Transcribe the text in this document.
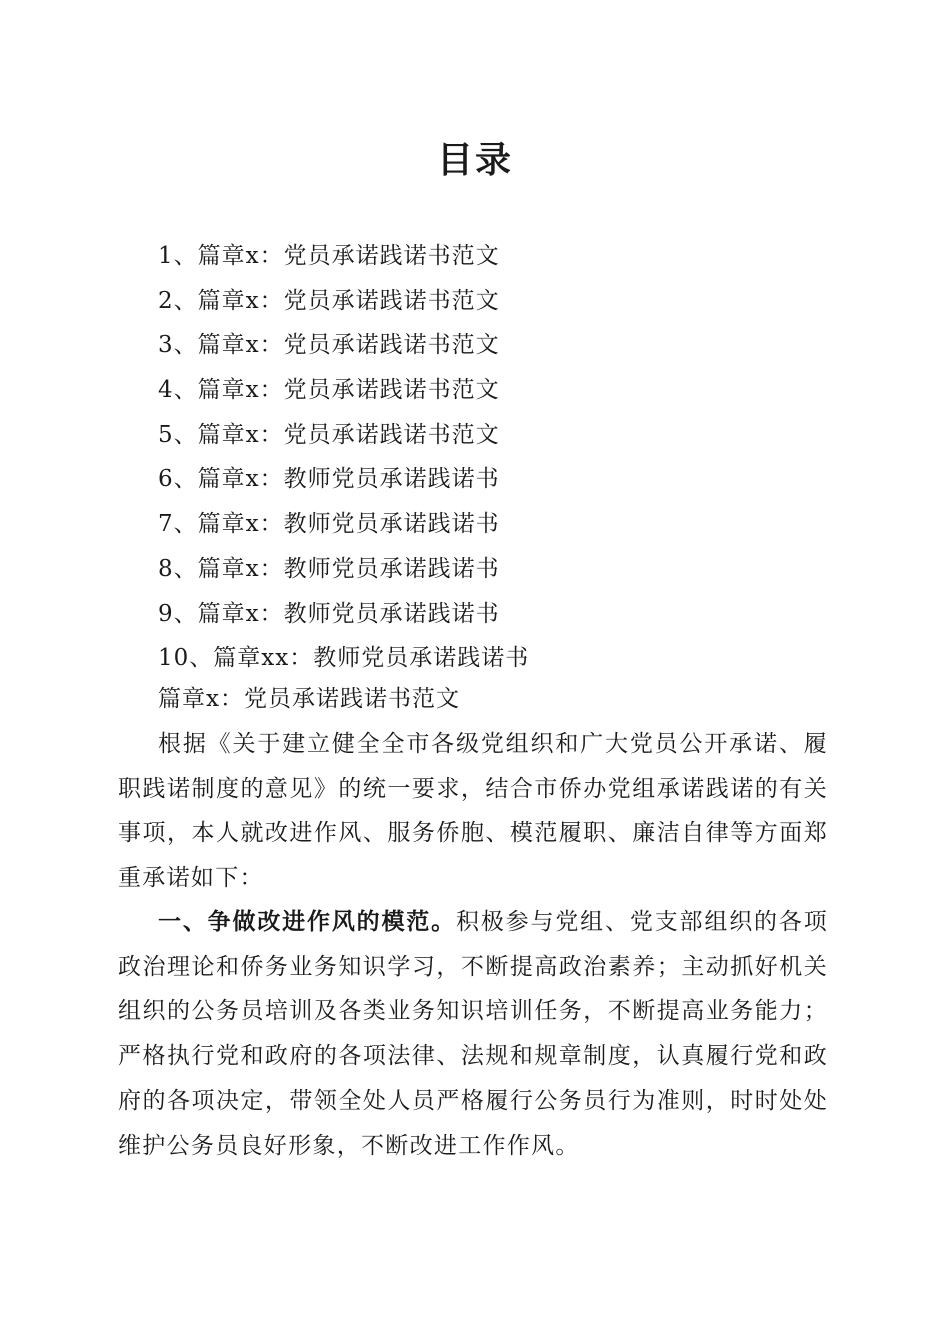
目录
1、篇章x：党员承诺践诺书范文
2、篇章x：党员承诺践诺书范文
3、篇章x：党员承诺践诺书范文
4、篇章x：党员承诺践诺书范文
5、篇章x：党员承诺践诺书范文
6、篇章x：教师党员承诺践诺书
7、篇章x：教师党员承诺践诺书
8、篇章x：教师党员承诺践诺书
9、篇章x：教师党员承诺践诺书
10、篇章xx：教师党员承诺践诺书
篇章x：党员承诺践诺书范文

根据《关于建立健全全市各级党组织和广大党员公开承诺、履职践诺制度的意见》的统一要求，结合市侨办党组承诺践诺的有关事项，本人就改进作风、服务侨胞、模范履职、廉洁自律等方面郑重承诺如下：

一、争做改进作风的模范。积极参与党组、党支部组织的各项政治理论和侨务业务知识学习，不断提高政治素养；主动抓好机关组织的公务员培训及各类业务知识培训任务，不断提高业务能力；严格执行党和政府的各项法律、法规和规章制度，认真履行党和政府的各项决定，带领全处人员严格履行公务员行为准则，时时处处维护公务员良好形象，不断改进工作作风。
